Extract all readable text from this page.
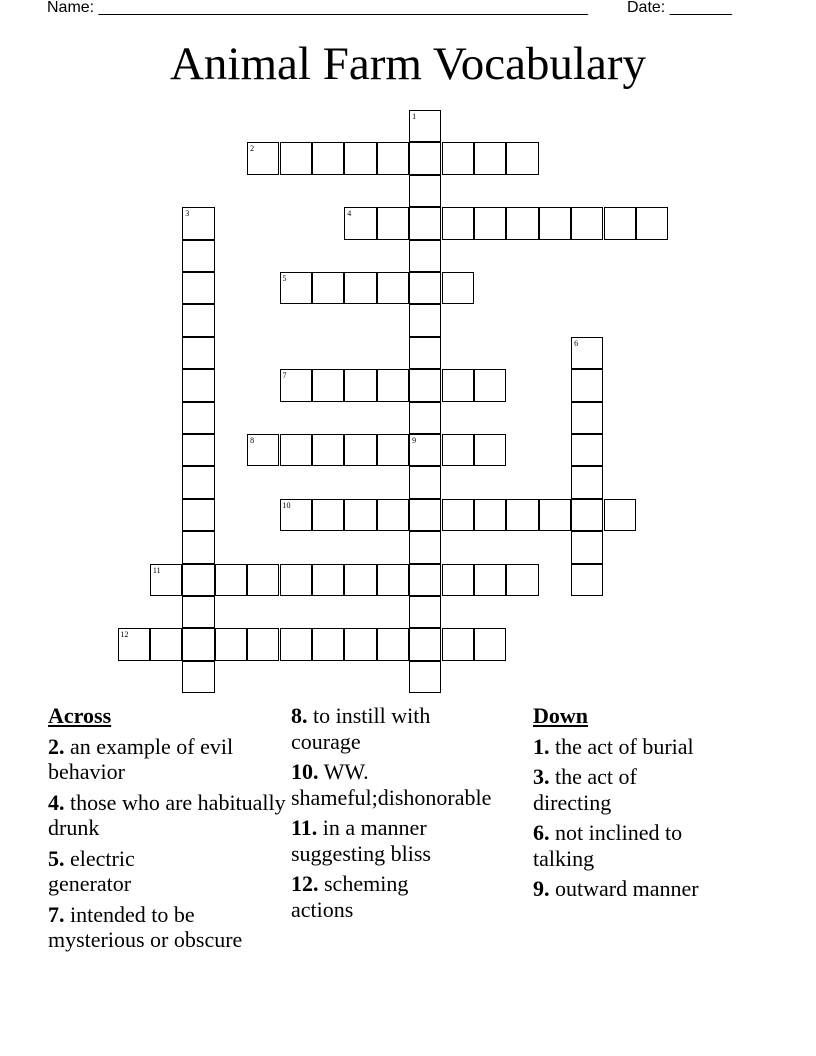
Name: _______________________________________________________ Date: _______
Animal Farm Vocabulary
1
9
2
3	4
5
6
7
8
10
11
12
Across
2. an example of evil behavior
4. those who are habitually drunk
5. electric generator
7. intended to be mysterious or obscure
8. to instill with courage
10. WW. shameful;dishonorable
11. in a manner suggesting bliss
12. scheming actions
Down
1. the act of burial
3. the act of directing
6. not inclined to talking
9. outward manner
